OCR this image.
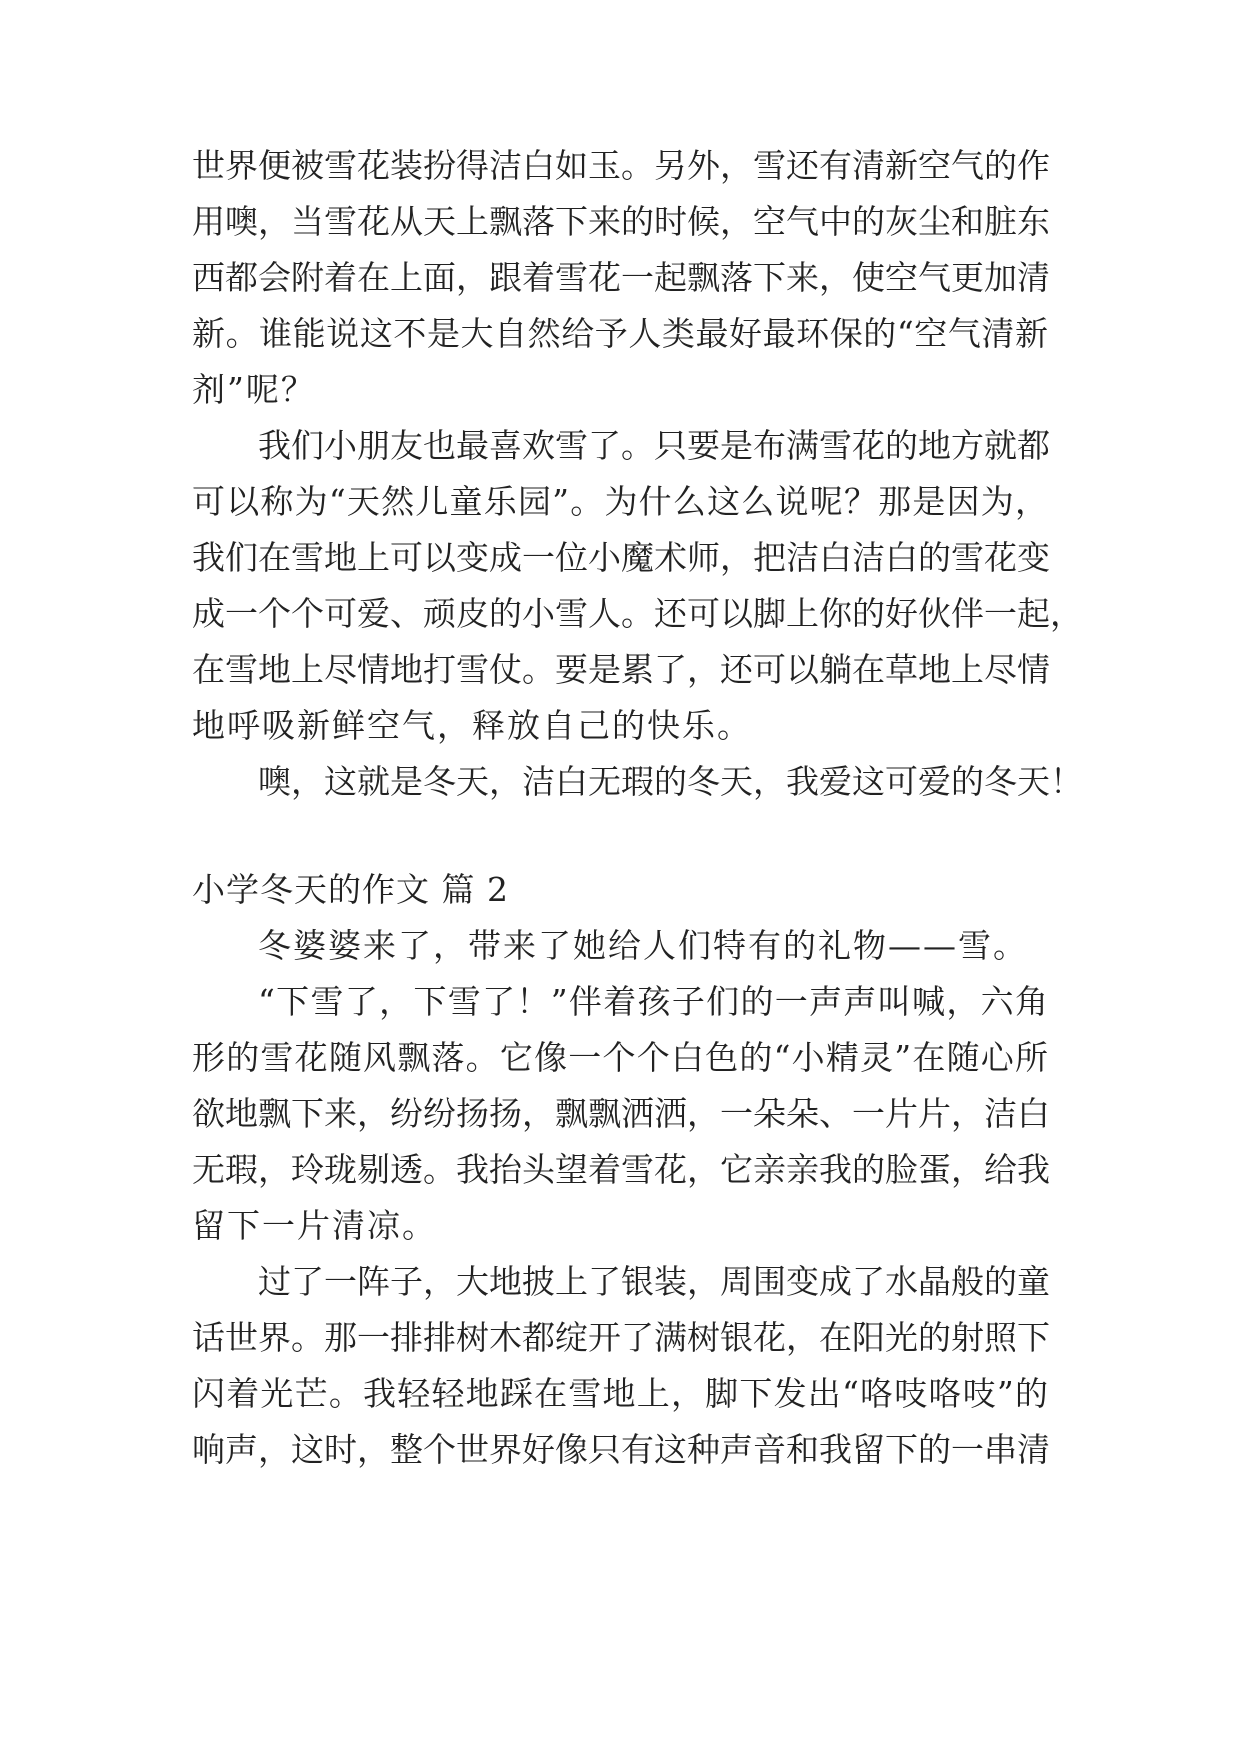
世界便被雪花装扮得洁白如玉。另外，雪还有清新空气的作
用噢，当雪花从天上飘落下来的时候，空气中的灰尘和脏东
西都会附着在上面，跟着雪花一起飘落下来，使空气更加清
新。谁能说这不是大自然给予人类最好最环保的“空气清新
剂”呢？
我们小朋友也最喜欢雪了。只要是布满雪花的地方就都
可以称为“天然儿童乐园”。为什么这么说呢？那是因为，
我们在雪地上可以变成一位小魔术师，把洁白洁白的雪花变
成一个个可爱、顽皮的小雪人。还可以脚上你的好伙伴一起，
在雪地上尽情地打雪仗。要是累了，还可以躺在草地上尽情
地呼吸新鲜空气，释放自己的快乐。
噢，这就是冬天，洁白无瑕的冬天，我爱这可爱的冬天！
小学冬天的作文 篇 2
冬婆婆来了，带来了她给人们特有的礼物——雪。
“下雪了，下雪了！”伴着孩子们的一声声叫喊，六角
形的雪花随风飘落。它像一个个白色的“小精灵”在随心所
欲地飘下来，纷纷扬扬，飘飘洒洒，一朵朵、一片片，洁白
无瑕，玲珑剔透。我抬头望着雪花，它亲亲我的脸蛋，给我
留下一片清凉。
过了一阵子，大地披上了银装，周围变成了水晶般的童
话世界。那一排排树木都绽开了满树银花，在阳光的射照下
闪着光芒。我轻轻地踩在雪地上，脚下发出“咯吱咯吱”的
响声，这时，整个世界好像只有这种声音和我留下的一串清
